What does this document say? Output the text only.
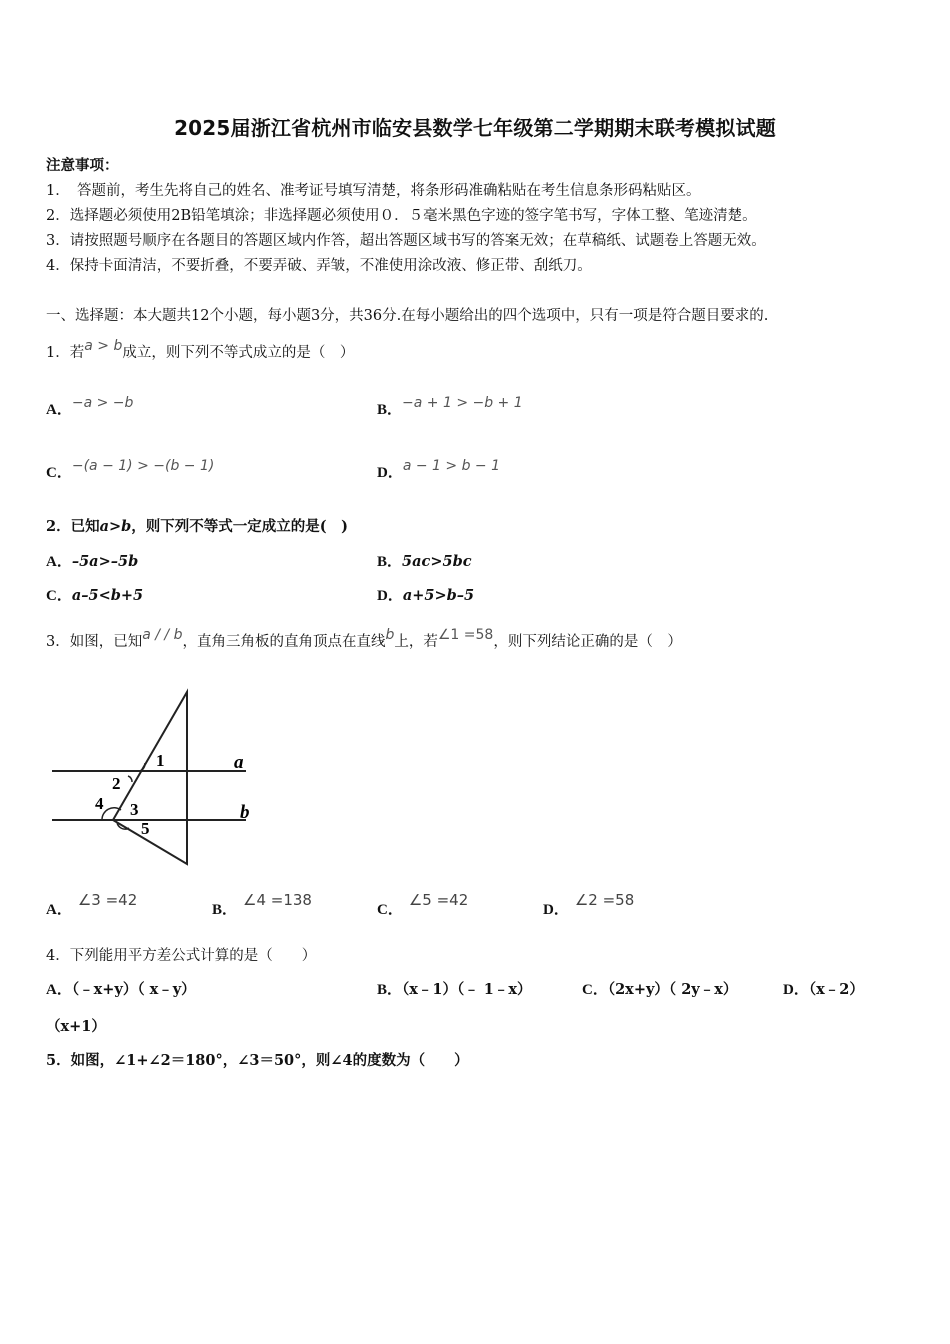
2025届浙江省杭州市临安县数学七年级第二学期期末联考模拟试题
注意事项：
1．　答题前，考生先将自己的姓名、准考证号填写清楚，将条形码准确粘贴在考生信息条形码粘贴区。
2．选择题必须使用2B铅笔填涂；非选择题必须使用０．５毫米黑色字迹的签字笔书写，字体工整、笔迹清楚。
3．请按照题号顺序在各题目的答题区域内作答，超出答题区域书写的答案无效；在草稿纸、试题卷上答题无效。
4．保持卡面清洁，不要折叠，不要弄破、弄皱，不准使用涂改液、修正带、刮纸刀。
一、选择题：本大题共12个小题，每小题3分，共36分.在每小题给出的四个选项中，只有一项是符合题目要求的.
1．若a > b成立，则下列不等式成立的是（　）
A．−a > −b	B．−a + 1 > −b + 1
C．−(a − 1) > −(b − 1)	D．a − 1 > b − 1
2．已知a>b，则下列不等式一定成立的是(　)
A．–5a>–5b	B．5ac>5bc
C．a–5<b+5	D．a+5>b–5
3．如图，已知a / / b，直角三角板的直角顶点在直线b上，若∠1 =58，则下列结论正确的是（　）
1
2
3
4
5
a
b
A．∠3 =42
B．∠4 =138
C．∠5 =42
D．∠2 =58
4．下列能用平方差公式计算的是（　　）
A．（﹣x+y）（ x﹣y）	B．（x﹣1）（﹣ 1﹣x）	C．（2x+y）（ 2y﹣x）	D．（x﹣2）
（x+1）
5．如图，∠1+∠2＝180°，∠3＝50°，则∠4的度数为（　　）
